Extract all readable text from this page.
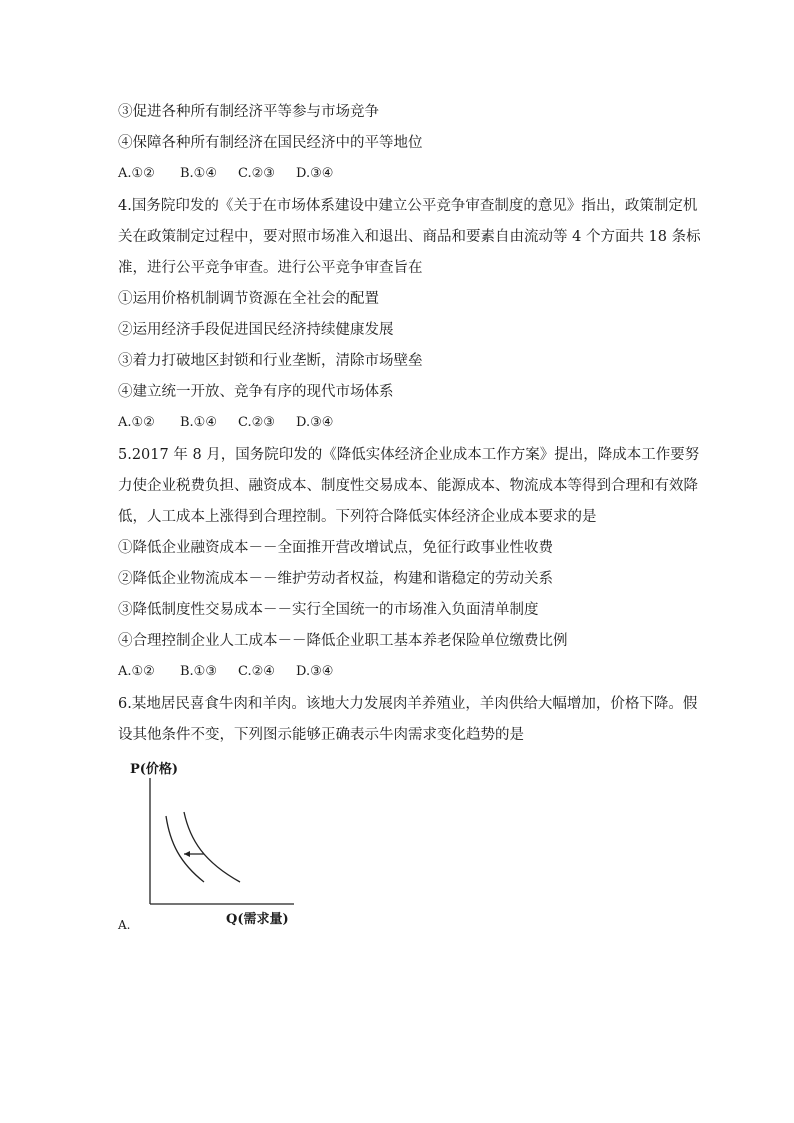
③促进各种所有制经济平等参与市场竞争
④保障各种所有制经济在国民经济中的平等地位
A.①② B.①④ C.②③ D.③④
4.国务院印发的《关于在市场体系建设中建立公平竞争审查制度的意见》指出，政策制定机
关在政策制定过程中，要对照市场准入和退出、商品和要素自由流动等 4 个方面共 18 条标
准，进行公平竞争审查。进行公平竞争审查旨在
①运用价格机制调节资源在全社会的配置
②运用经济手段促进国民经济持续健康发展
③着力打破地区封锁和行业垄断，清除市场壁垒
④建立统一开放、竞争有序的现代市场体系
A.①② B.①④ C.②③ D.③④
5.2017 年 8 月，国务院印发的《降低实体经济企业成本工作方案》提出，降成本工作要努
力使企业税费负担、融资成本、制度性交易成本、能源成本、物流成本等得到合理和有效降
低，人工成本上涨得到合理控制。下列符合降低实体经济企业成本要求的是
①降低企业融资成本－－全面推开营改增试点，免征行政事业性收费
②降低企业物流成本－－维护劳动者权益，构建和谐稳定的劳动关系
③降低制度性交易成本－－实行全国统一的市场准入负面清单制度
④合理控制企业人工成本－－降低企业职工基本养老保险单位缴费比例
A.①② B.①③ C.②④ D.③④
6.某地居民喜食牛肉和羊肉。该地大力发展肉羊养殖业，羊肉供给大幅增加，价格下降。假
设其他条件不变，下列图示能够正确表示牛肉需求变化趋势的是
P(价格)
Q(需求量)
A.
